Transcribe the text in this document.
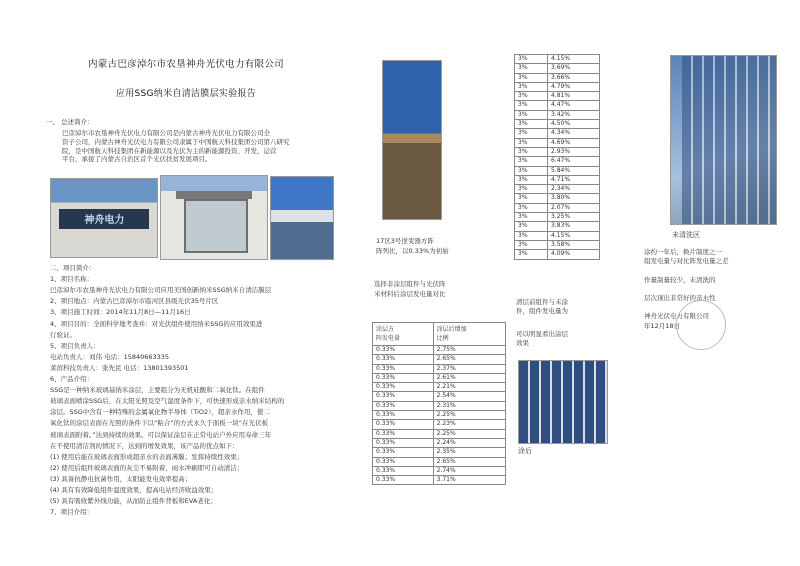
内蒙古巴彦淖尔市农垦神舟光伏电力有限公司
应用SSG纳米自清洁膜层实验报告
一、 总述简介：
巴彦淖尔市农垦神舟光伏电力有限公司是内蒙古神舟光伏电力有限公司全
资子公司，内蒙古神舟光伏电力有限公司隶属于中国航天科技集团公司第八研究
院，是中国航天科技集团在新能源以及光伏为主的新能源投资、开发、运营
平台，承接了内蒙古自治区首个光伏扶贫发展项目。
神舟电力
二、项目简介：
1、项目名称：
巴彦淖尔市农垦神舟光伏电力有限公司应用美国创新纳米SSG纳米自清洁膜层
2、项目地点：内蒙古巴彦淖尔市临河区县级光伏35号片区
3、项目施工时间：2014年11月8日—11月16日
4、项目目的：全面科学地考查并：对光伏组件使用纳米SSG的应用效果进
行验证。
5、项目负责人：
电站负责人：刘伟 电话：15840663335
莱茵科技负责人：张先民 电话：13801393501
6、产品介绍：
SSG是一种纳米玻璃基纳米涂层，主要组分为无机硅酸和二氧化钛。在组件
玻璃表面喷涂SSG后，在太阳光照及空气湿度条件下，可快速形成亲水纳米结构的
涂层。SSG中含有一种特殊的金属氧化物半导体（TiO2），超亲水作用，使二
氧化钛的涂层表面在光照的条件下以“粘合”的方式永久于面板一块“在光伏板
玻璃表面附着。”达到持续的效果。可以保证涂层在正常电站户外应用寿命三年
在不使用清洁剂的情况下，达到的增发效果，该产品的优点如下：
(1) 使用后能在玻璃表面形成超亲水的表面薄膜；发挥持续性效果；
(2) 使用后组件玻璃表面的灰尘不易附着，雨水冲刷即可自动清洁；
(3) 具备抗静电抗菌作用，太阳能发电效率提高；
(4) 具有有效降低组件温度效果，提高电站经济收益效果；
(5) 具有吸收紫外线功能，从而防止组件背板和EVA老化；
7、项目介绍：
17区3号逆变器方阵
阵列比，以0.33%为初始
选择非涂层组件与光伏阵
米材料后涂层发电量对比
涂层方
阵发电量	涂层后增加
比例
0.33%	2.75%
0.33%	2.65%
0.33%	2.37%
0.33%	2.61%
0.33%	2.21%
0.33%	2.54%
0.33%	2.31%
0.33%	2.25%
0.33%	2.23%
0.33%	2.25%
0.33%	2.24%
0.33%	2.35%
0.33%	2.65%
0.33%	2.74%
0.33%	3.71%
3%	4.15%
3%	3.69%
3%	3.66%
3%	4.79%
3%	4.81%
3%	4.47%
3%	3.42%
3%	4.50%
3%	4.34%
3%	4.69%
3%	2.93%
3%	6.47%
3%	5.84%
3%	4.71%
3%	2.34%
3%	3.80%
3%	2.07%
3%	3.25%
3%	3.83%
3%	4.15%
3%	3.58%
3%	4.09%
未清洗区
涂约一年后，换片制度之一
组发电量与对比阵发电量之差
作量制量较少，未清洗的
层次现出非常好的亲水性
神舟光伏电力有限公司
年12月18日
清层前组件与未涂
件，组件发电量为
可以明显看出涂层
效果
涂后
